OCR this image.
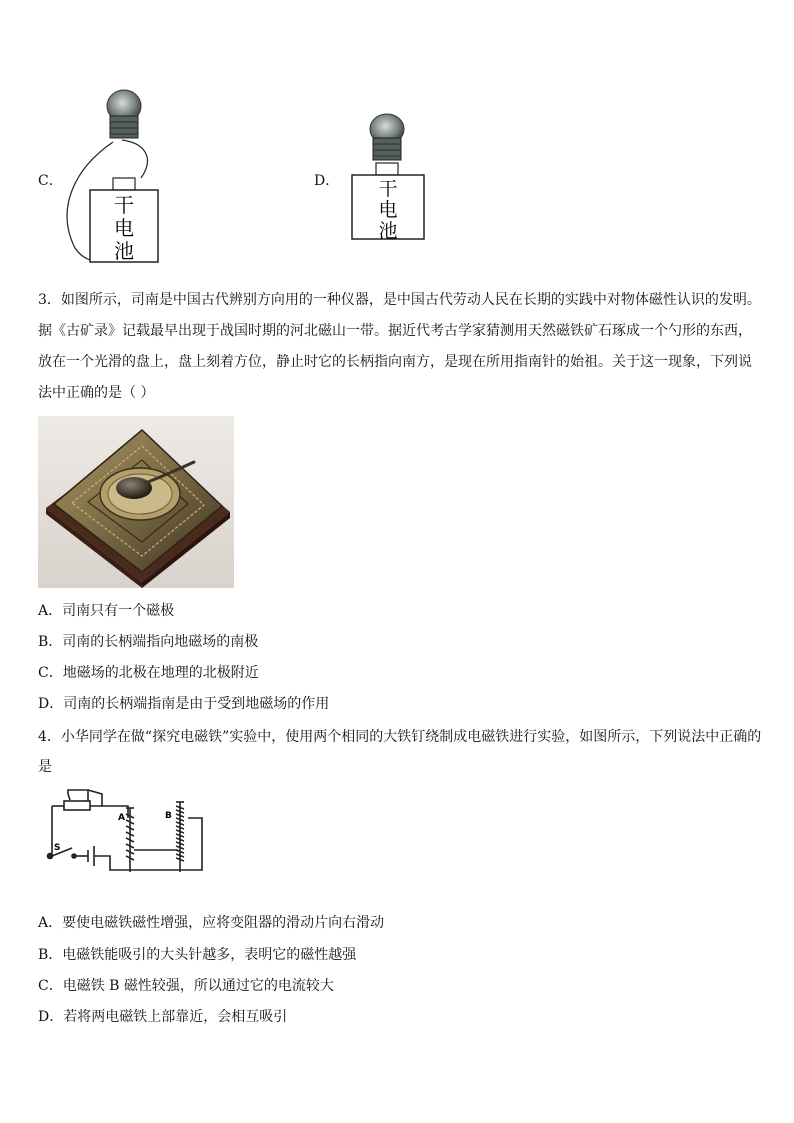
C．	D．
干
电
池
干
电
池
3．如图所示，司南是中国古代辨别方向用的一种仪器，是中国古代劳动人民在长期的实践中对物体磁性认识的发明。
据《古矿录》记载最早出现于战国时期的河北磁山一带。据近代考古学家猜测用天然磁铁矿石琢成一个勺形的东西，
放在一个光滑的盘上，盘上刻着方位，静止时它的长柄指向南方，是现在所用指南针的始祖。关于这一现象，下列说
法中正确的是（ ）
A．司南只有一个磁极
B．司南的长柄端指向地磁场的南极
C．地磁场的北极在地理的北极附近
D．司南的长柄端指南是由于受到地磁场的作用
4．小华同学在做“探究电磁铁”实验中，使用两个相同的大铁钉绕制成电磁铁进行实验，如图所示，下列说法中正确的
是
A	B
S
A．要使电磁铁磁性增强，应将变阻器的滑动片向右滑动
B．电磁铁能吸引的大头针越多，表明它的磁性越强
C．电磁铁 B 磁性较强，所以通过它的电流较大
D．若将两电磁铁上部靠近，会相互吸引
